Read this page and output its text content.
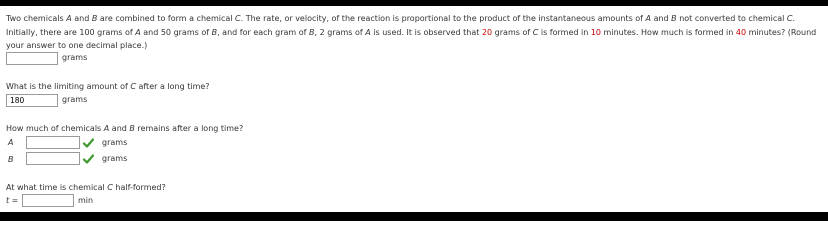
Two chemicals A and B are combined to form a chemical C. The rate, or velocity, of the reaction is proportional to the product of the instantaneous amounts of A and B not converted to chemical C. Initially, there are 100 grams of A and 50 grams of B, and for each gram of B, 2 grams of A is used. It is observed that 20 grams of C is formed in 10 minutes. How much is formed in 40 minutes? (Round your answer to one decimal place.)
grams
What is the limiting amount of C after a long time?
180
grams
How much of chemicals A and B remains after a long time?
A	grams
B	grams
At what time is chemical C half-formed?
t =	min
